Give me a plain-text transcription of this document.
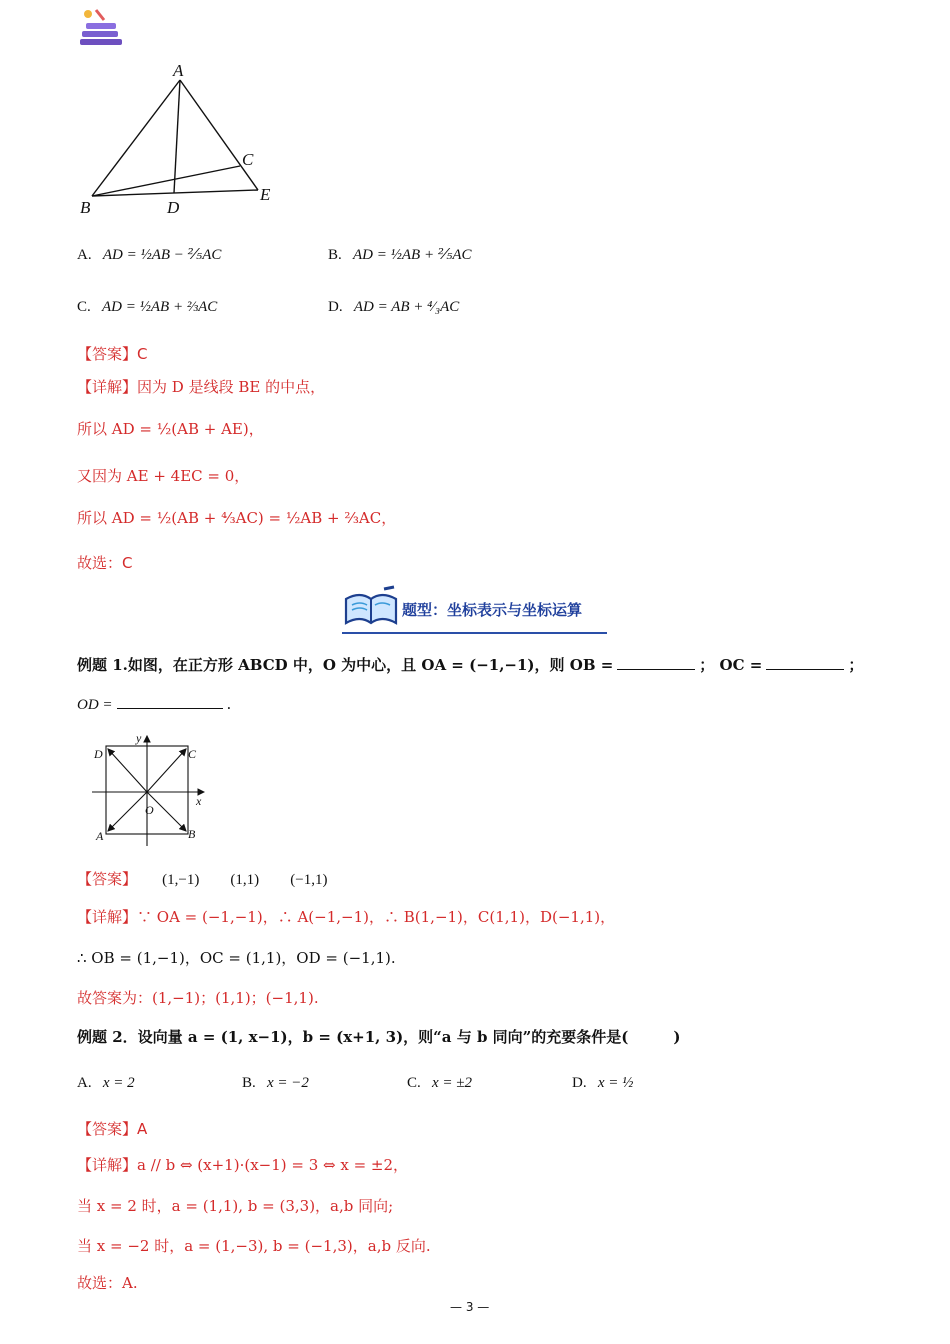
A
B
C
D
E
A. AD = ½AB − ⅖AC	B. AD = ½AB + ⅖AC
C. AD = ½AB + ⅔AC	D. AD = AB + ⁴⁄₃AC
【答案】C
【详解】因为 D 是线段 BE 的中点，
所以 AD = ½(AB + AE)，
又因为 AE + 4EC = 0，
所以 AD = ½(AB + ⁴⁄₃AC) = ½AB + ⅔AC，
故选：C
题型：坐标表示与坐标运算
例题 1.如图，在正方形 ABCD 中，O 为中心，且 OA = (−1,−1)，则 OB =	； OC =	；
OD =	.
D	C
A	B
O
x
y
【答案】 (1,−1) (1,1) (−1,1)
【详解】∵ OA = (−1,−1)，∴ A(−1,−1)，∴ B(1,−1)，C(1,1)，D(−1,1)，
∴ OB = (1,−1)，OC = (1,1)，OD = (−1,1).
故答案为：(1,−1)；(1,1)；(−1,1).
例题 2．设向量 a = (1, x−1)，b = (x+1, 3)，则“a 与 b 同向”的充要条件是(　　　)
A. x = 2	B. x = −2	C. x = ±2	D. x = ½
【答案】A
【详解】a // b ⇔ (x+1)·(x−1) = 3 ⇔ x = ±2，
当 x = 2 时，a = (1,1), b = (3,3)，a,b 同向;
当 x = −2 时，a = (1,−3), b = (−1,3)，a,b 反向.
故选：A.
— 3 —
